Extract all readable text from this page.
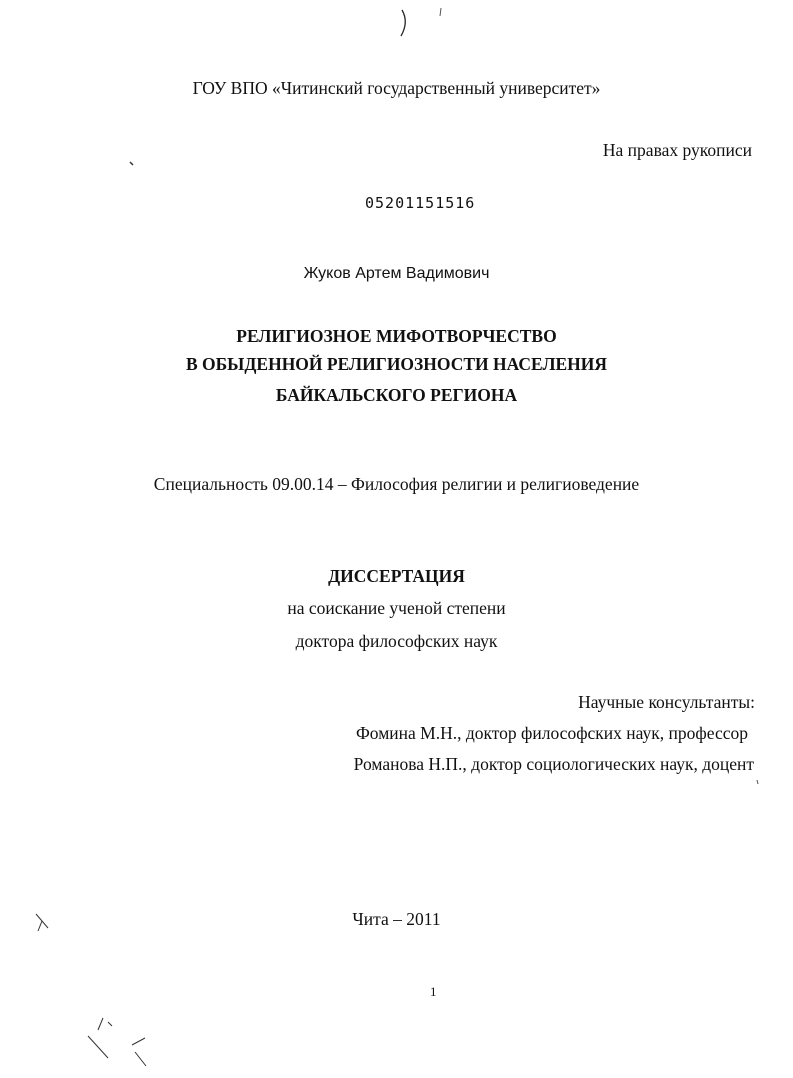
ГОУ ВПО «Читинский государственный университет»
На правах рукописи
05201151516
Жуков Артем Вадимович
РЕЛИГИОЗНОЕ МИФОТВОРЧЕСТВО
В ОБЫДЕННОЙ РЕЛИГИОЗНОСТИ НАСЕЛЕНИЯ
БАЙКАЛЬСКОГО РЕГИОНА
Специальность 09.00.14 – Философия религии и религиоведение
ДИССЕРТАЦИЯ
на соискание ученой степени
доктора философских наук
Научные консультанты:
Фомина М.Н., доктор философских наук, профессор
Романова Н.П., доктор социологических наук, доцент
Чита – 2011
1
